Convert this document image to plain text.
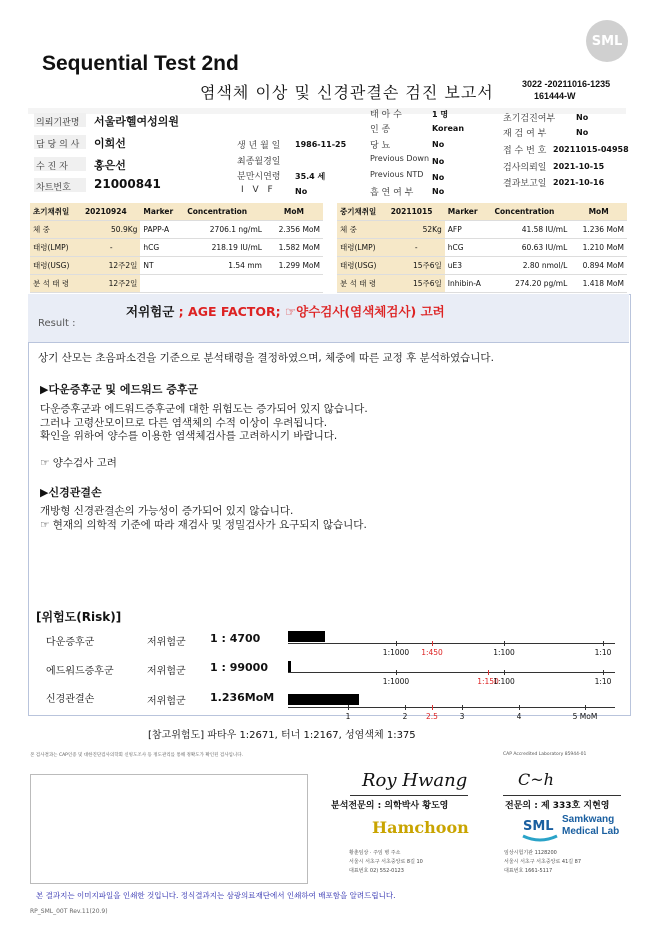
SML
Sequential Test 2nd
염색체 이상 및 신경관결손 검진 보고서	3022 -20211016-1235
161444-W
의뢰기관명 서울라헬여성의원
담 당 의 사 이희선
수 진 자 홍은선
차트번호 21000841
생 년 월 일 1986-11-25
최종월경일
분만시연령 35.4 세
I V F No
태 아 수	1 명
인 종	Korean
당 뇨	No
Previous Down No
Previous NTD No
흡 연 여 부 No
초기검진여부	No
재 검 여 부	No
접 수 번 호 20211015-04958
검사의뢰일 2021-10-15
결과보고일 2021-10-16
초기채취일	20210924	Marker	Concentration	MoM
체 중	50.9Kg	PAPP-A	2706.1 ng/mL	2.356 MoM
태령(LMP)	-	hCG	218.19 IU/mL	1.582 MoM
태령(USG)	12주2일	NT	1.54 mm	1.299 MoM
분 석 태 령	12주2일			
중기채취일	20211015	Marker	Concentration	MoM
체 중	52Kg	AFP	41.58 IU/mL	1.236 MoM
태령(LMP)	-	hCG	60.63 IU/mL	1.210 MoM
태령(USG)	15주6일	uE3	2.80 nmol/L	0.894 MoM
분 석 태 령	15주6일	Inhibin-A	274.20 pg/mL	1.418 MoM
Result :
저위험군 ; AGE FACTOR; ☞양수검사(염색체검사) 고려
상기 산모는 초음파소견을 기준으로 분석태령을 결정하였으며, 체중에 따른 교정 후 분석하였습니다.
▶다운증후군 및 에드워드 증후군
다운증후군과 에드워드증후군에 대한 위험도는 증가되어 있지 않습니다.
그러나 고령산모이므로 다른 염색체의 수적 이상이 우려됩니다.
확인을 위하여 양수를 이용한 염색체검사를 고려하시기 바랍니다.
☞ 양수검사 고려
▶신경관결손
개방형 신경관결손의 가능성이 증가되어 있지 않습니다.
☞ 현재의 의학적 기준에 따라 재검사 및 정밀검사가 요구되지 않습니다.
[위험도(Risk)]
다운증후군	저위험군 1 : 4700
에드워드증후군	저위험군 1 : 99000
신경관결손	저위험군 1.236MoM
1:1000 1:450	1:100	1:10
1:1000	1:150
1:100	1:10
1	2 2.5	3	4	5 MoM
[참고위험도] 파타우 1:2671, 터너 1:2167, 성염색체 1:375
본 검사결과는 CAP인증 및 대한진단검사의학회 신빙도조사 등 정도관리를 통해 정확도가 확인된 검사입니다.	CAP Accredited Laboratory 85944-01
Roy Hwang	C~h
분석전문의 : 의학박사 황도영	전문의 : 제 333호 지현영
Hamchoon	SML Samkwang
Medical Lab
황춘임상 · 주임 병 주소
서울시 서초구 서초중앙로 8길 10
대표번호 02) 552-0123
임상시험기관 1128200
서울시 서초구 서초중앙로 41길 87
대표번호 1661-5117
본 결과지는 이미지파일을 인쇄한 것입니다. 정식결과지는 삼광의료재단에서 인쇄하여 배포함을 알려드립니다.
RP_SML_00T Rev.11(20.9)
